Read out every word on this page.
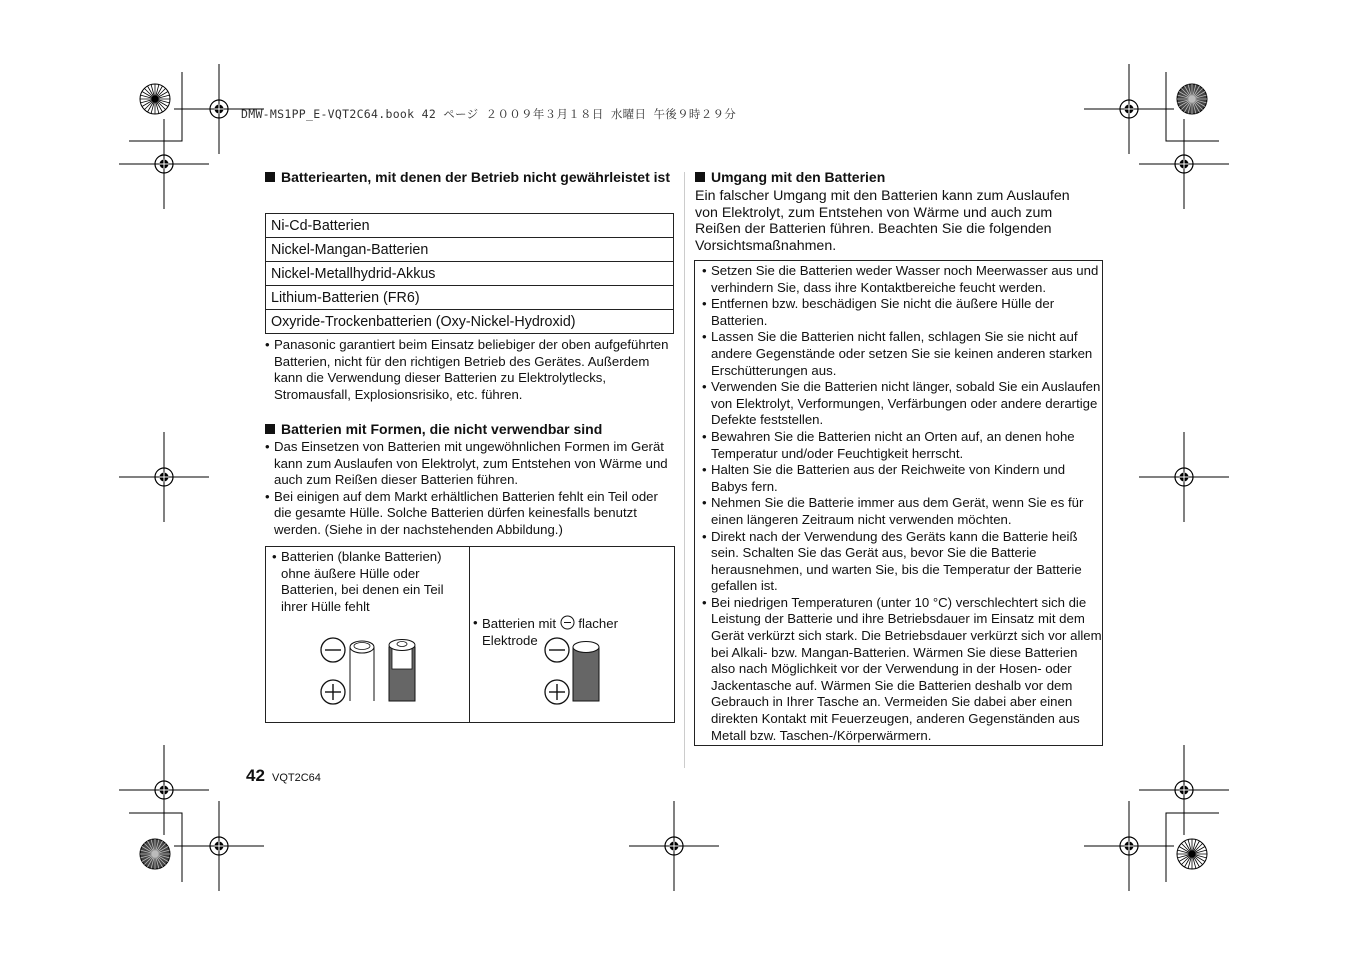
DMW-MS1PP_E-VQT2C64.book 42 ページ ２００９年３月１８日 水曜日 午後９時２９分
Batteriearten, mit denen der Betrieb nicht gewährleistet ist
Ni-Cd-Batterien
Nickel-Mangan-Batterien
Nickel-Metallhydrid-Akkus
Lithium-Batterien (FR6)
Oxyride-Trockenbatterien (Oxy-Nickel-Hydroxid)
• Panasonic garantiert beim Einsatz beliebiger der oben aufgeführten Batterien, nicht für den richtigen Betrieb des Gerätes. Außerdem kann die Verwendung dieser Batterien zu Elektrolytlecks, Stromausfall, Explosionsrisiko, etc. führen.
Batterien mit Formen, die nicht verwendbar sind
• Das Einsetzen von Batterien mit ungewöhnlichen Formen im Gerät kann zum Auslaufen von Elektrolyt, zum Entstehen von Wärme und auch zum Reißen dieser Batterien führen.
• Bei einigen auf dem Markt erhältlichen Batterien fehlt ein Teil oder die gesamte Hülle. Solche Batterien dürfen keinesfalls benutzt werden. (Siehe in der nachstehenden Abbildung.)
• Batterien (blanke Batterien) ohne äußere Hülle oder Batterien, bei denen ein Teil ihrer Hülle fehlt
• Batterien mit flacher Elektrode
Umgang mit den Batterien
Ein falscher Umgang mit den Batterien kann zum Auslaufen von Elektrolyt, zum Entstehen von Wärme und auch zum Reißen der Batterien führen. Beachten Sie die folgenden Vorsichtsmaßnahmen.
• Setzen Sie die Batterien weder Wasser noch Meerwasser aus und verhindern Sie, dass ihre Kontaktbereiche feucht werden.
• Entfernen bzw. beschädigen Sie nicht die äußere Hülle der Batterien.
• Lassen Sie die Batterien nicht fallen, schlagen Sie sie nicht auf andere Gegenstände oder setzen Sie sie keinen anderen starken Erschütterungen aus.
• Verwenden Sie die Batterien nicht länger, sobald Sie ein Auslaufen von Elektrolyt, Verformungen, Verfärbungen oder andere derartige Defekte feststellen.
• Bewahren Sie die Batterien nicht an Orten auf, an denen hohe Temperatur und/oder Feuchtigkeit herrscht.
• Halten Sie die Batterien aus der Reichweite von Kindern und Babys fern.
• Nehmen Sie die Batterie immer aus dem Gerät, wenn Sie es für einen längeren Zeitraum nicht verwenden möchten.
• Direkt nach der Verwendung des Geräts kann die Batterie heiß sein. Schalten Sie das Gerät aus, bevor Sie die Batterie herausnehmen, und warten Sie, bis die Temperatur der Batterie gefallen ist.
• Bei niedrigen Temperaturen (unter 10 °C) verschlechtert sich die Leistung der Batterie und ihre Betriebsdauer im Einsatz mit dem Gerät verkürzt sich stark. Die Betriebsdauer verkürzt sich vor allem bei Alkali- bzw. Mangan-Batterien. Wärmen Sie diese Batterien also nach Möglichkeit vor der Verwendung in der Hosen- oder Jackentasche auf. Wärmen Sie die Batterien deshalb vor dem Gebrauch in Ihrer Tasche an. Vermeiden Sie dabei aber einen direkten Kontakt mit Feuerzeugen, anderen Gegenständen aus Metall bzw. Taschen-/Körperwärmern.
42 VQT2C64
